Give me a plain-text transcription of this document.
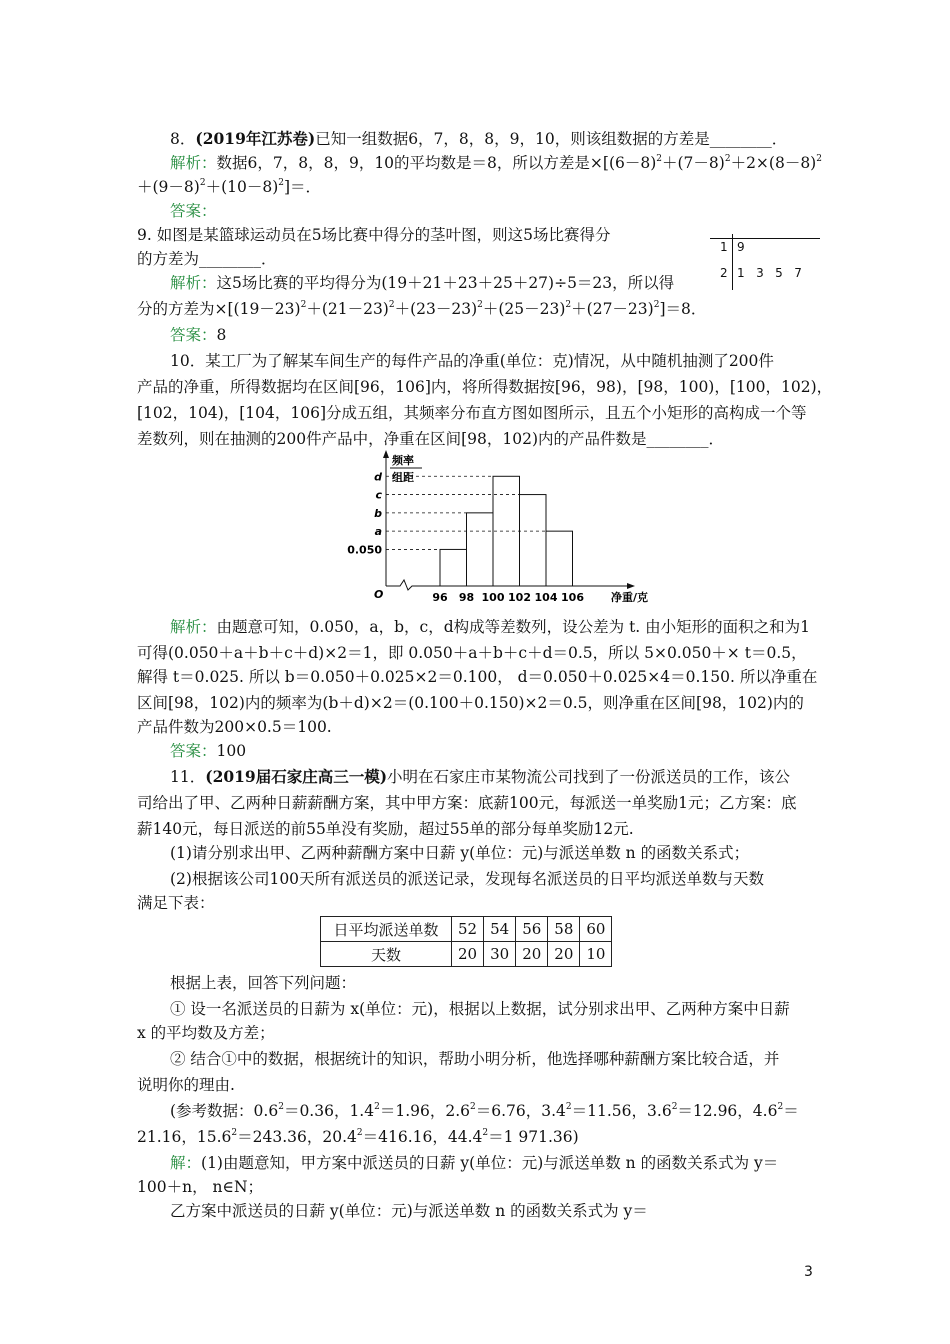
8．(2019年江苏卷)已知一组数据6，7，8，8，9，10，则该组数据的方差是________．
解析：数据6，7，8，8，9，10的平均数是＝8，所以方差是$\times[(6-8)^2+(7-8)^2+2\times(8-8)^2$
$+(9-8)^2+(10-8)^2]=$．
答案：
9. 如图是某篮球运动员在5场比赛中得分的茎叶图，则这5场比赛得分
的方差为________．
解析：这5场比赛的平均得分为(19＋21＋23＋25＋27)÷5＝23，所以得
分的方差为$\times[(19-23)^2+(21-23)^2+(23-23)^2+(25-23)^2+(27-23)^2]=8$．
答案：8
1 9
2 1   3   5   7
10．某工厂为了解某车间生产的每件产品的净重(单位：克)情况，从中随机抽测了200件
产品的净重，所得数据均在区间[96，106]内，将所得数据按[96，98)，[98，100)，[100，102)，
[102，104)，[104，106]分成五组，其频率分布直方图如图所示，且五个小矩形的高构成一个等
差数列，则在抽测的200件产品中，净重在区间[98，102)内的产品件数是________．
频率
组距
O
0.050
a
b
c
d
96 98 100 102 104 106 净重/克
解析：由题意可知，0.050，a，b，c，d构成等差数列，设公差为 t. 由小矩形的面积之和为1
可得(0.050＋a＋b＋c＋d)×2＝1，即 0.050＋a＋b＋c＋d＝0.5，所以 5×0.050＋× t＝0.5，
解得 t＝0.025. 所以 b＝0.050＋0.025×2＝0.100， d＝0.050＋0.025×4＝0.150. 所以净重在
区间[98，102)内的频率为(b＋d)×2＝(0.100＋0.150)×2＝0.5，则净重在区间[98，102)内的
产品件数为200×0.5＝100.
答案：100
11．(2019届石家庄高三一模)小明在石家庄市某物流公司找到了一份派送员的工作，该公
司给出了甲、乙两种日薪薪酬方案，其中甲方案：底薪100元，每派送一单奖励1元；乙方案：底
薪140元，每日派送的前55单没有奖励，超过55单的部分每单奖励12元.
(1)请分别求出甲、乙两种薪酬方案中日薪 y(单位：元)与派送单数 n 的函数关系式；
(2)根据该公司100天所有派送员的派送记录，发现每名派送员的日平均派送单数与天数
满足下表：
日平均派送单数	52	54	56	58	60
天数	20	30	20	20	10
根据上表，回答下列问题：
① 设一名派送员的日薪为 x(单位：元)，根据以上数据，试分别求出甲、乙两种方案中日薪
x 的平均数及方差；
② 结合①中的数据，根据统计的知识，帮助小明分析，他选择哪种薪酬方案比较合适，并
说明你的理由.
(参考数据：$0.6^2=0.36$，$1.4^2=1.96$，$2.6^2=6.76$，$3.4^2=11.56$，$3.6^2=12.96$，$4.6^2=$
21.16，$15.6^2=243.36$，$20.4^2=416.16$，$44.4^2=1$ 971.36)
解：(1)由题意知，甲方案中派送员的日薪 y(单位：元)与派送单数 n 的函数关系式为 y＝
100＋n， n∈N；
乙方案中派送员的日薪 y(单位：元)与派送单数 n 的函数关系式为 y＝
3
